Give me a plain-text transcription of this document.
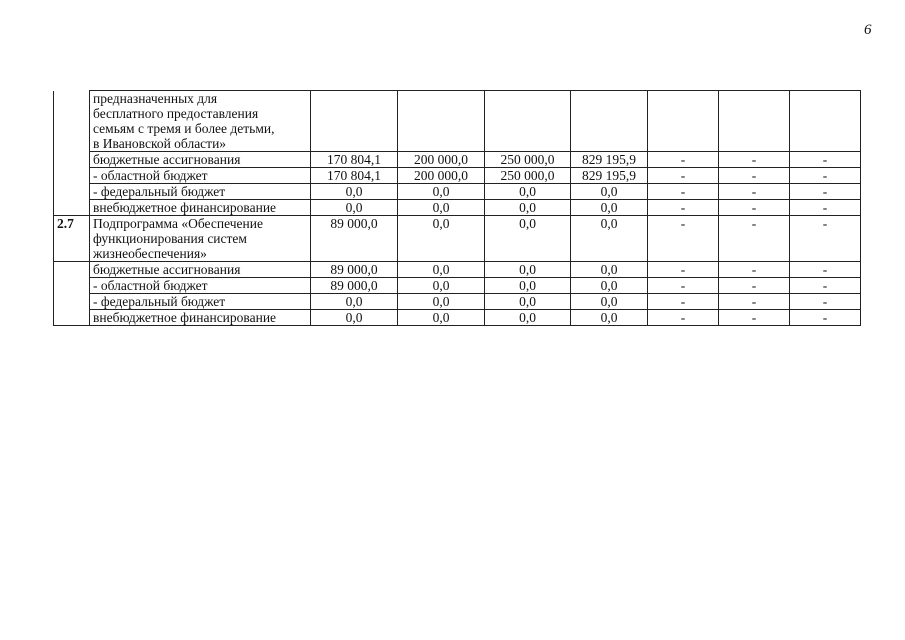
6

	предназначенных для
бесплатного предоставления
семьям с тремя и более детьми,
в Ивановской области»							

	бюджетные ассигнования	170 804,1	200 000,0	250 000,0	829 195,9	-	-	-

	- областной бюджет	170 804,1	200 000,0	250 000,0	829 195,9	-	-	-

	- федеральный бюджет	0,0	0,0	0,0	0,0	-	-	-

	внебюджетное финансирование	0,0	0,0	0,0	0,0	-	-	-
2.7	Подпрограмма «Обеспечение
функционирования систем
жизнеобеспечения»	89 000,0	0,0	0,0	0,0	-	-	-

	бюджетные ассигнования	89 000,0	0,0	0,0	0,0	-	-	-

	- областной бюджет	89 000,0	0,0	0,0	0,0	-	-	-

	- федеральный бюджет	0,0	0,0	0,0	0,0	-	-	-

	внебюджетное финансирование	0,0	0,0	0,0	0,0	-	-	-
